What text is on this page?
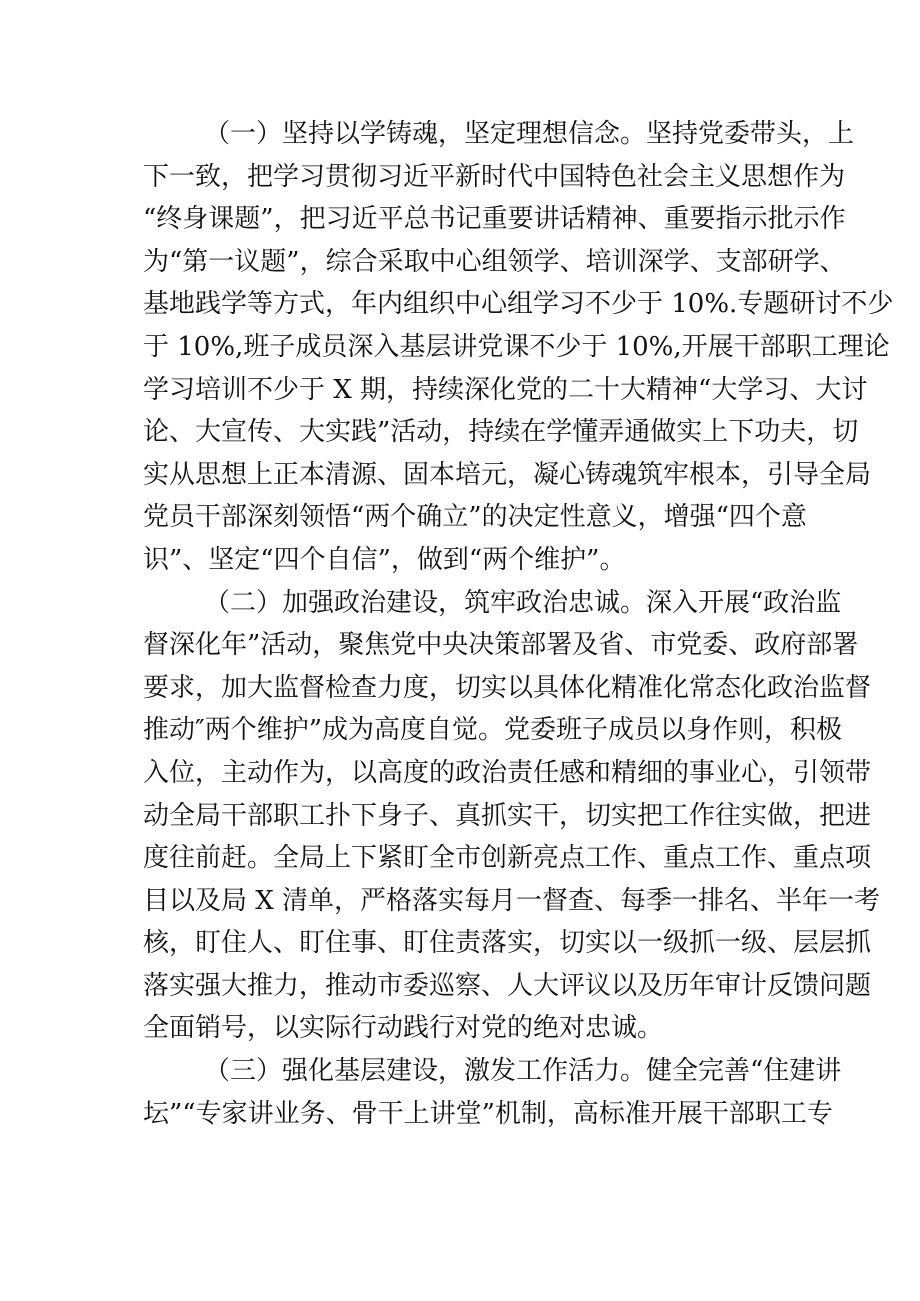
（一）坚持以学铸魂，坚定理想信念。坚持党委带头，上
下一致，把学习贯彻习近平新时代中国特色社会主义思想作为
“终身课题”，把习近平总书记重要讲话精神、重要指示批示作
为“第一议题”，综合采取中心组领学、培训深学、支部研学、
基地践学等方式，年内组织中心组学习不少于 10%.专题研讨不少
于 10%,班子成员深入基层讲党课不少于 10%,开展干部职工理论
学习培训不少于 X 期，持续深化党的二十大精神“大学习、大讨
论、大宣传、大实践”活动，持续在学懂弄通做实上下功夫，切
实从思想上正本清源、固本培元，凝心铸魂筑牢根本，引导全局
党员干部深刻领悟“两个确立”的决定性意义，增强“四个意
识”、坚定“四个自信”，做到“两个维护”。
（二）加强政治建设，筑牢政治忠诚。深入开展“政治监
督深化年”活动，聚焦党中央决策部署及省、市党委、政府部署
要求，加大监督检查力度，切实以具体化精准化常态化政治监督
推动″两个维护”成为高度自觉。党委班子成员以身作则，积极
入位，主动作为，以高度的政治责任感和精细的事业心，引领带
动全局干部职工扑下身子、真抓实干，切实把工作往实做，把进
度往前赶。全局上下紧盯全市创新亮点工作、重点工作、重点项
目以及局 X 清单，严格落实每月一督查、每季一排名、半年一考
核，盯住人、盯住事、盯住责落实，切实以一级抓一级、层层抓
落实强大推力，推动市委巡察、人大评议以及历年审计反馈问题
全面销号，以实际行动践行对党的绝对忠诚。
（三）强化基层建设，激发工作活力。健全完善“住建讲
坛”“专家讲业务、骨干上讲堂”机制，高标准开展干部职工专
